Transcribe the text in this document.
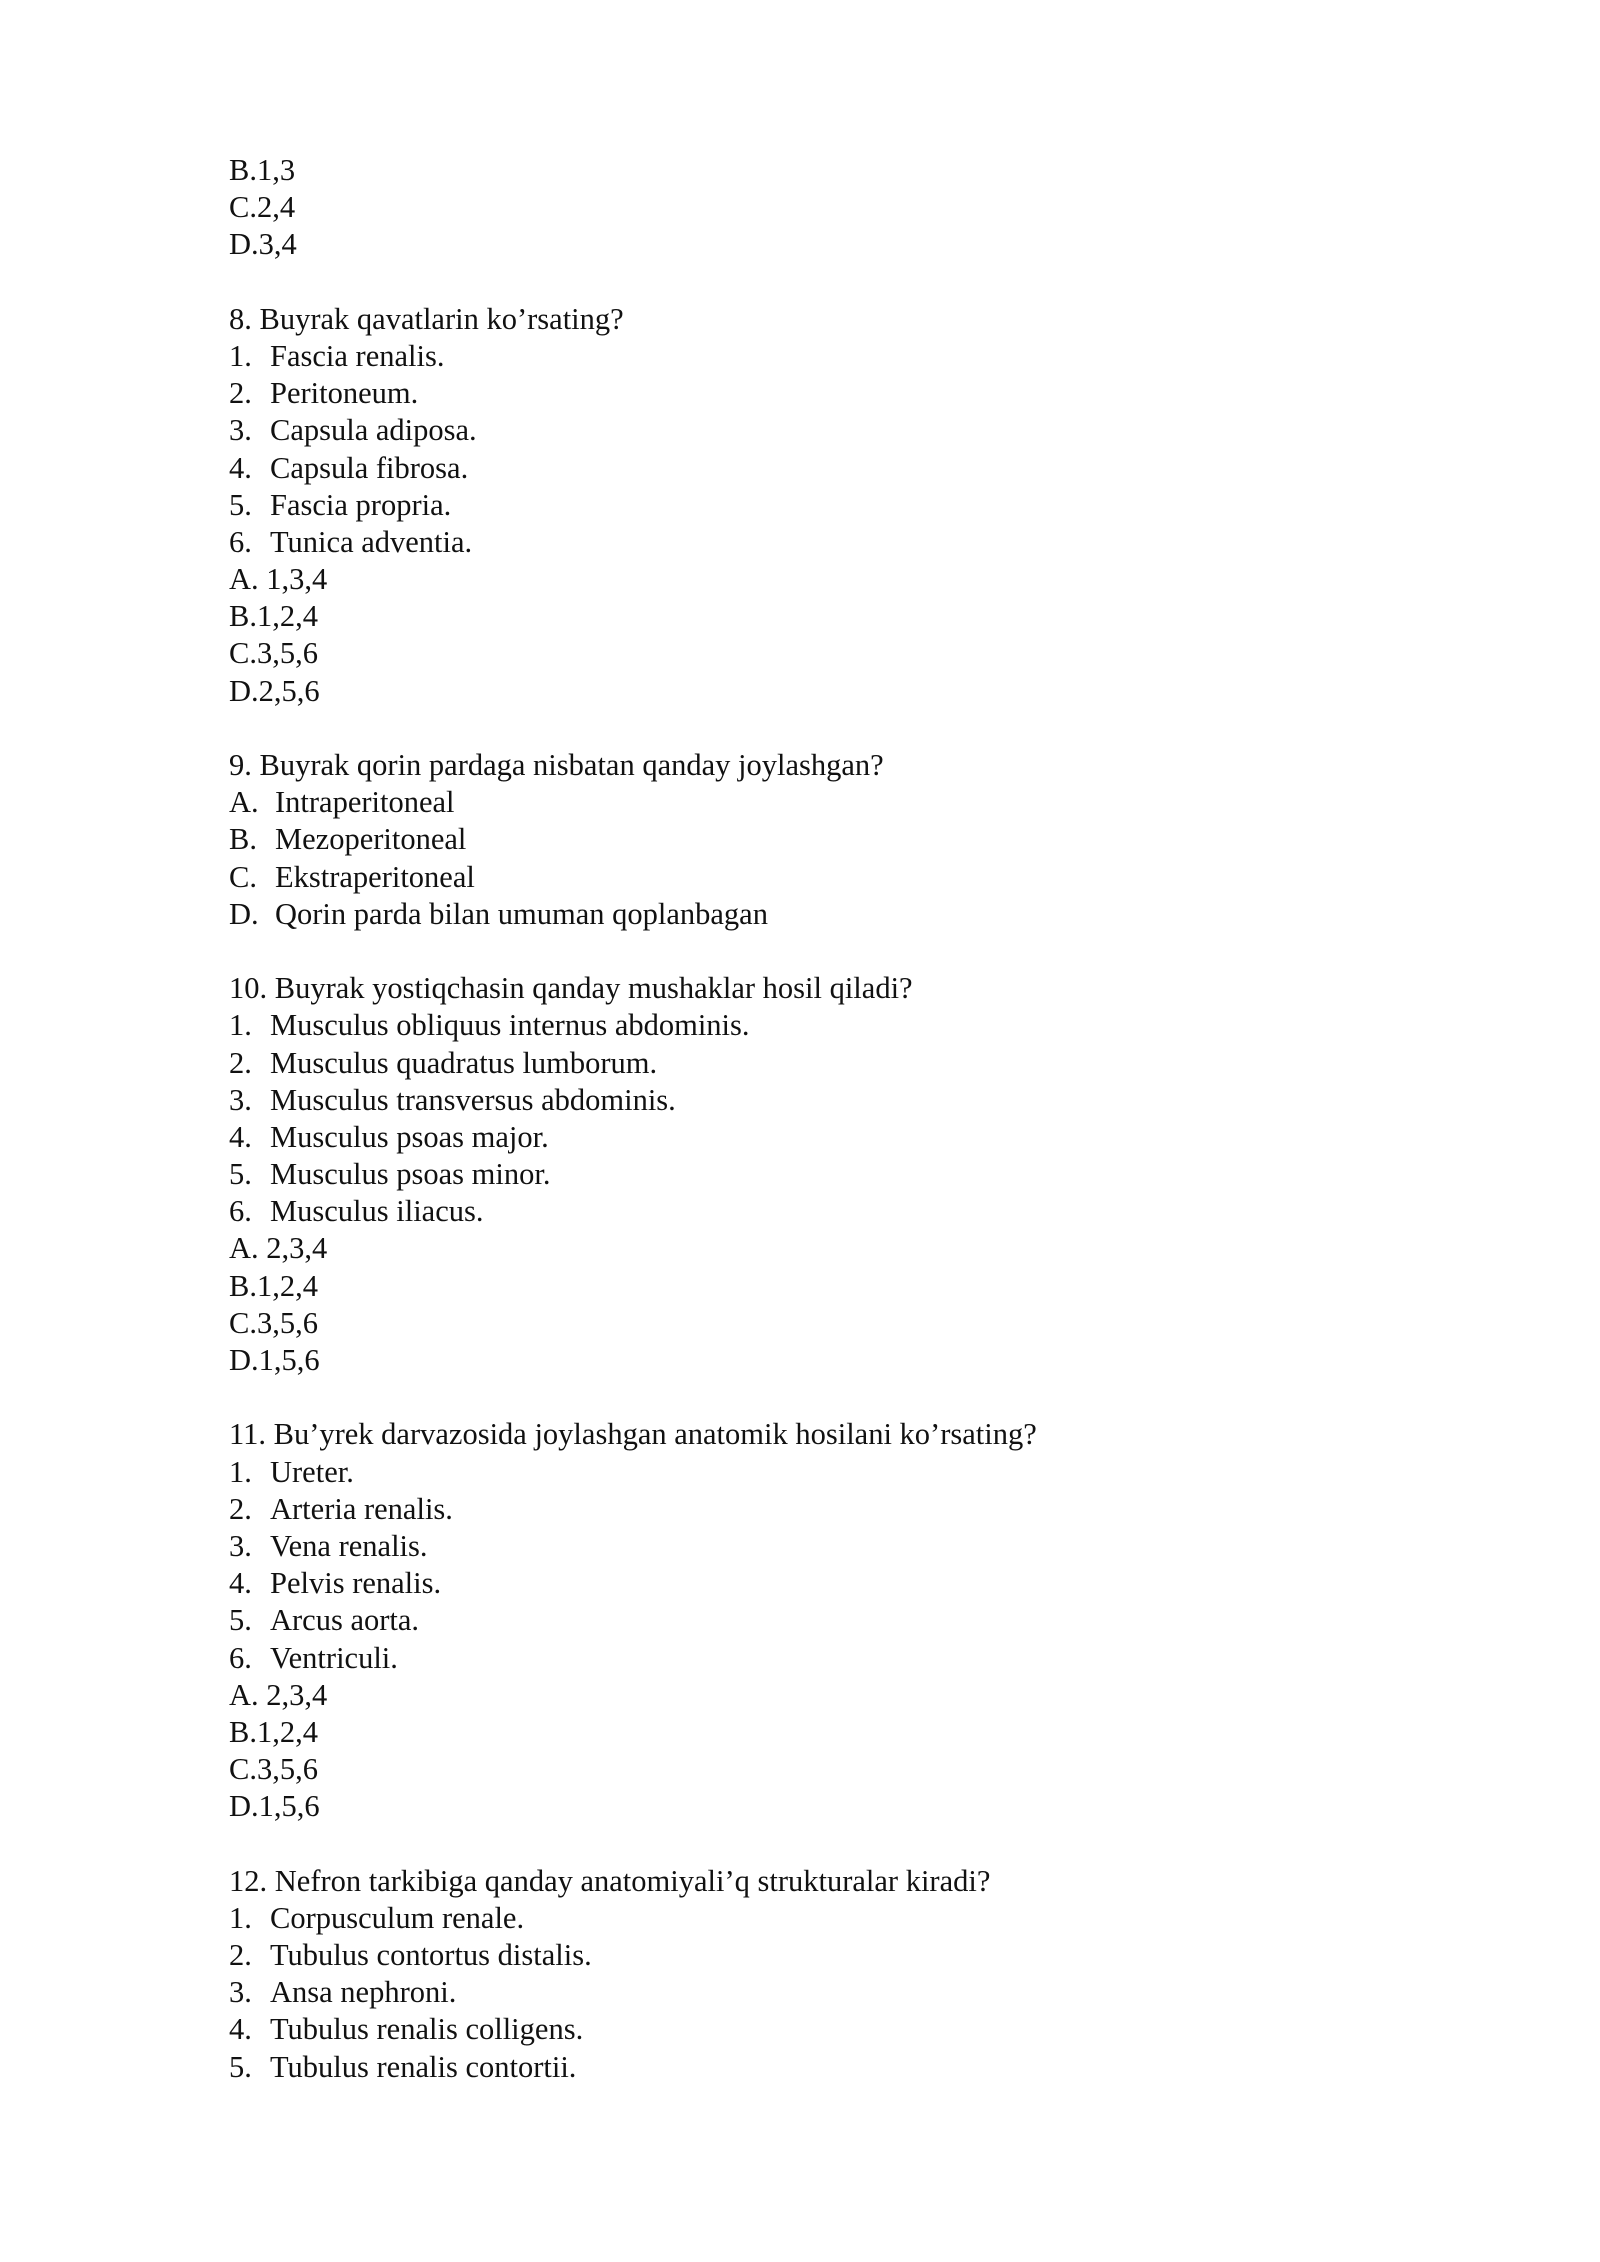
B.1,3
C.2,4
D.3,4
8. Buyrak qavatlarin ko’rsating?
1. Fascia renalis.
2. Peritoneum.
3. Capsula adiposa.
4. Capsula fibrosa.
5. Fascia propria.
6. Tunica adventia.
A. 1,3,4
B.1,2,4
C.3,5,6
D.2,5,6
9. Buyrak qorin pardaga nisbatan qanday joylashgan?
A. Intraperitoneal
B. Mezoperitoneal
C. Ekstraperitoneal
D. Qorin parda bilan umuman qoplanbagan
10. Buyrak yostiqchasin qanday mushaklar hosil qiladi?
1. Musculus obliquus internus abdominis.
2. Musculus quadratus lumborum.
3. Musculus transversus abdominis.
4. Musculus psoas major.
5. Musculus psoas minor.
6. Musculus iliacus.
A. 2,3,4
B.1,2,4
C.3,5,6
D.1,5,6
11. Bu’yrek darvazosida joylashgan anatomik hosilani ko’rsating?
1. Ureter.
2. Arteria renalis.
3. Vena renalis.
4. Pelvis renalis.
5. Arcus aorta.
6. Ventriculi.
A. 2,3,4
B.1,2,4
C.3,5,6
D.1,5,6
12. Nefron tarkibiga qanday anatomiyali’q strukturalar kiradi?
1. Corpusculum renale.
2. Tubulus contortus distalis.
3. Ansa nephroni.
4. Tubulus renalis colligens.
5. Tubulus renalis contortii.
